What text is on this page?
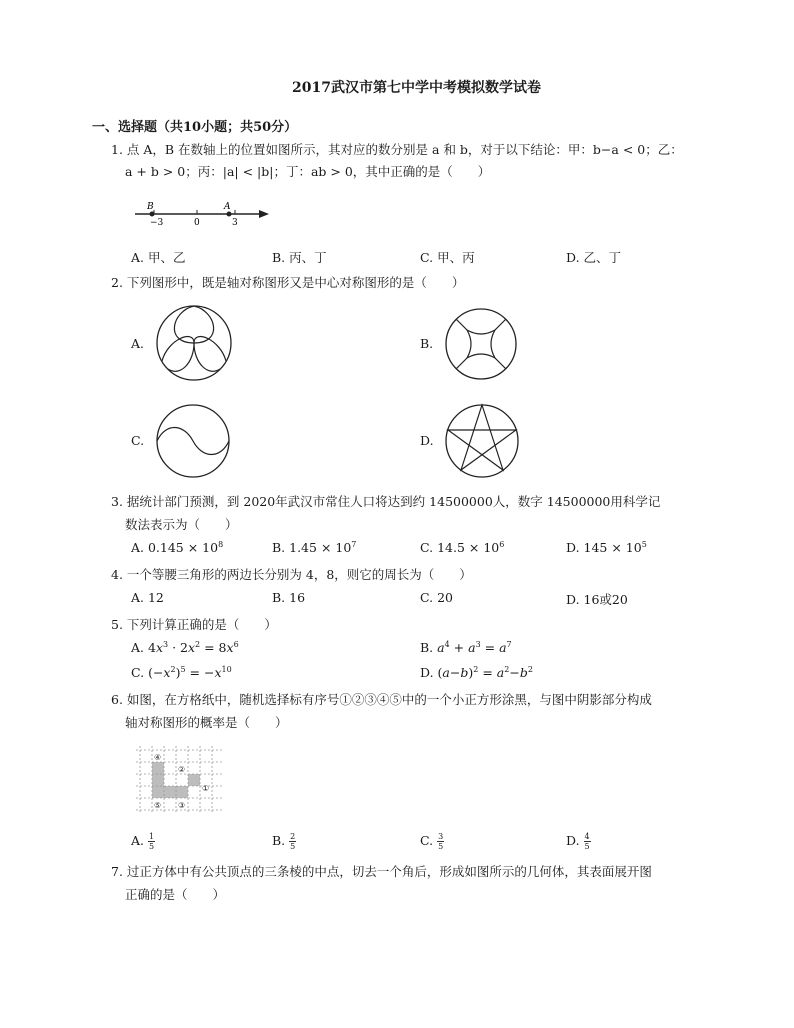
2017武汉市第七中学中考模拟数学试卷
一、选择题（共10小题；共50分）
1. 点 A，B 在数轴上的位置如图所示，其对应的数分别是 a 和 b，对于以下结论：甲：b−a < 0；乙：
a + b > 0；丙：|a| < |b|；丁：ab > 0，其中正确的是（　　）
B	A
−3	0	3
A. 甲、乙	B. 丙、丁	C. 甲、丙	D. 乙、丁
2. 下列图形中，既是轴对称图形又是中心对称图形的是（　　）
A.	B.
C.	D.
3. 据统计部门预测，到 2020年武汉市常住人口将达到约 14500000人，数字 14500000用科学记
数法表示为（　　）
A. $0.145 \times 10^8$	B. $1.45 \times 10^7$	C. $14.5 \times 10^6$	D. $145 \times 10^5$
4. 一个等腰三角形的两边长分别为 4，8，则它的周长为（　　）
A. 12	B. 16	C. 20	D. 16或20
5. 下列计算正确的是（　　）
A. $4x^3 \cdot 2x^2 = 8x^6$	B. $a^4 + a^3 = a^7$
C. $(-x^2)^5 = -x^{10}$	D. $(a-b)^2 = a^2-b^2$
6. 如图，在方格纸中，随机选择标有序号①②③④⑤中的一个小正方形涂黑，与图中阴影部分构成
轴对称图形的概率是（　　）
④
②
①
⑤ ③
A. $\frac{1}{5}$	B. $\frac{2}{5}$	C. $\frac{3}{5}$	D. $\frac{4}{5}$
7. 过正方体中有公共顶点的三条棱的中点，切去一个角后，形成如图所示的几何体，其表面展开图
正确的是（　　）
